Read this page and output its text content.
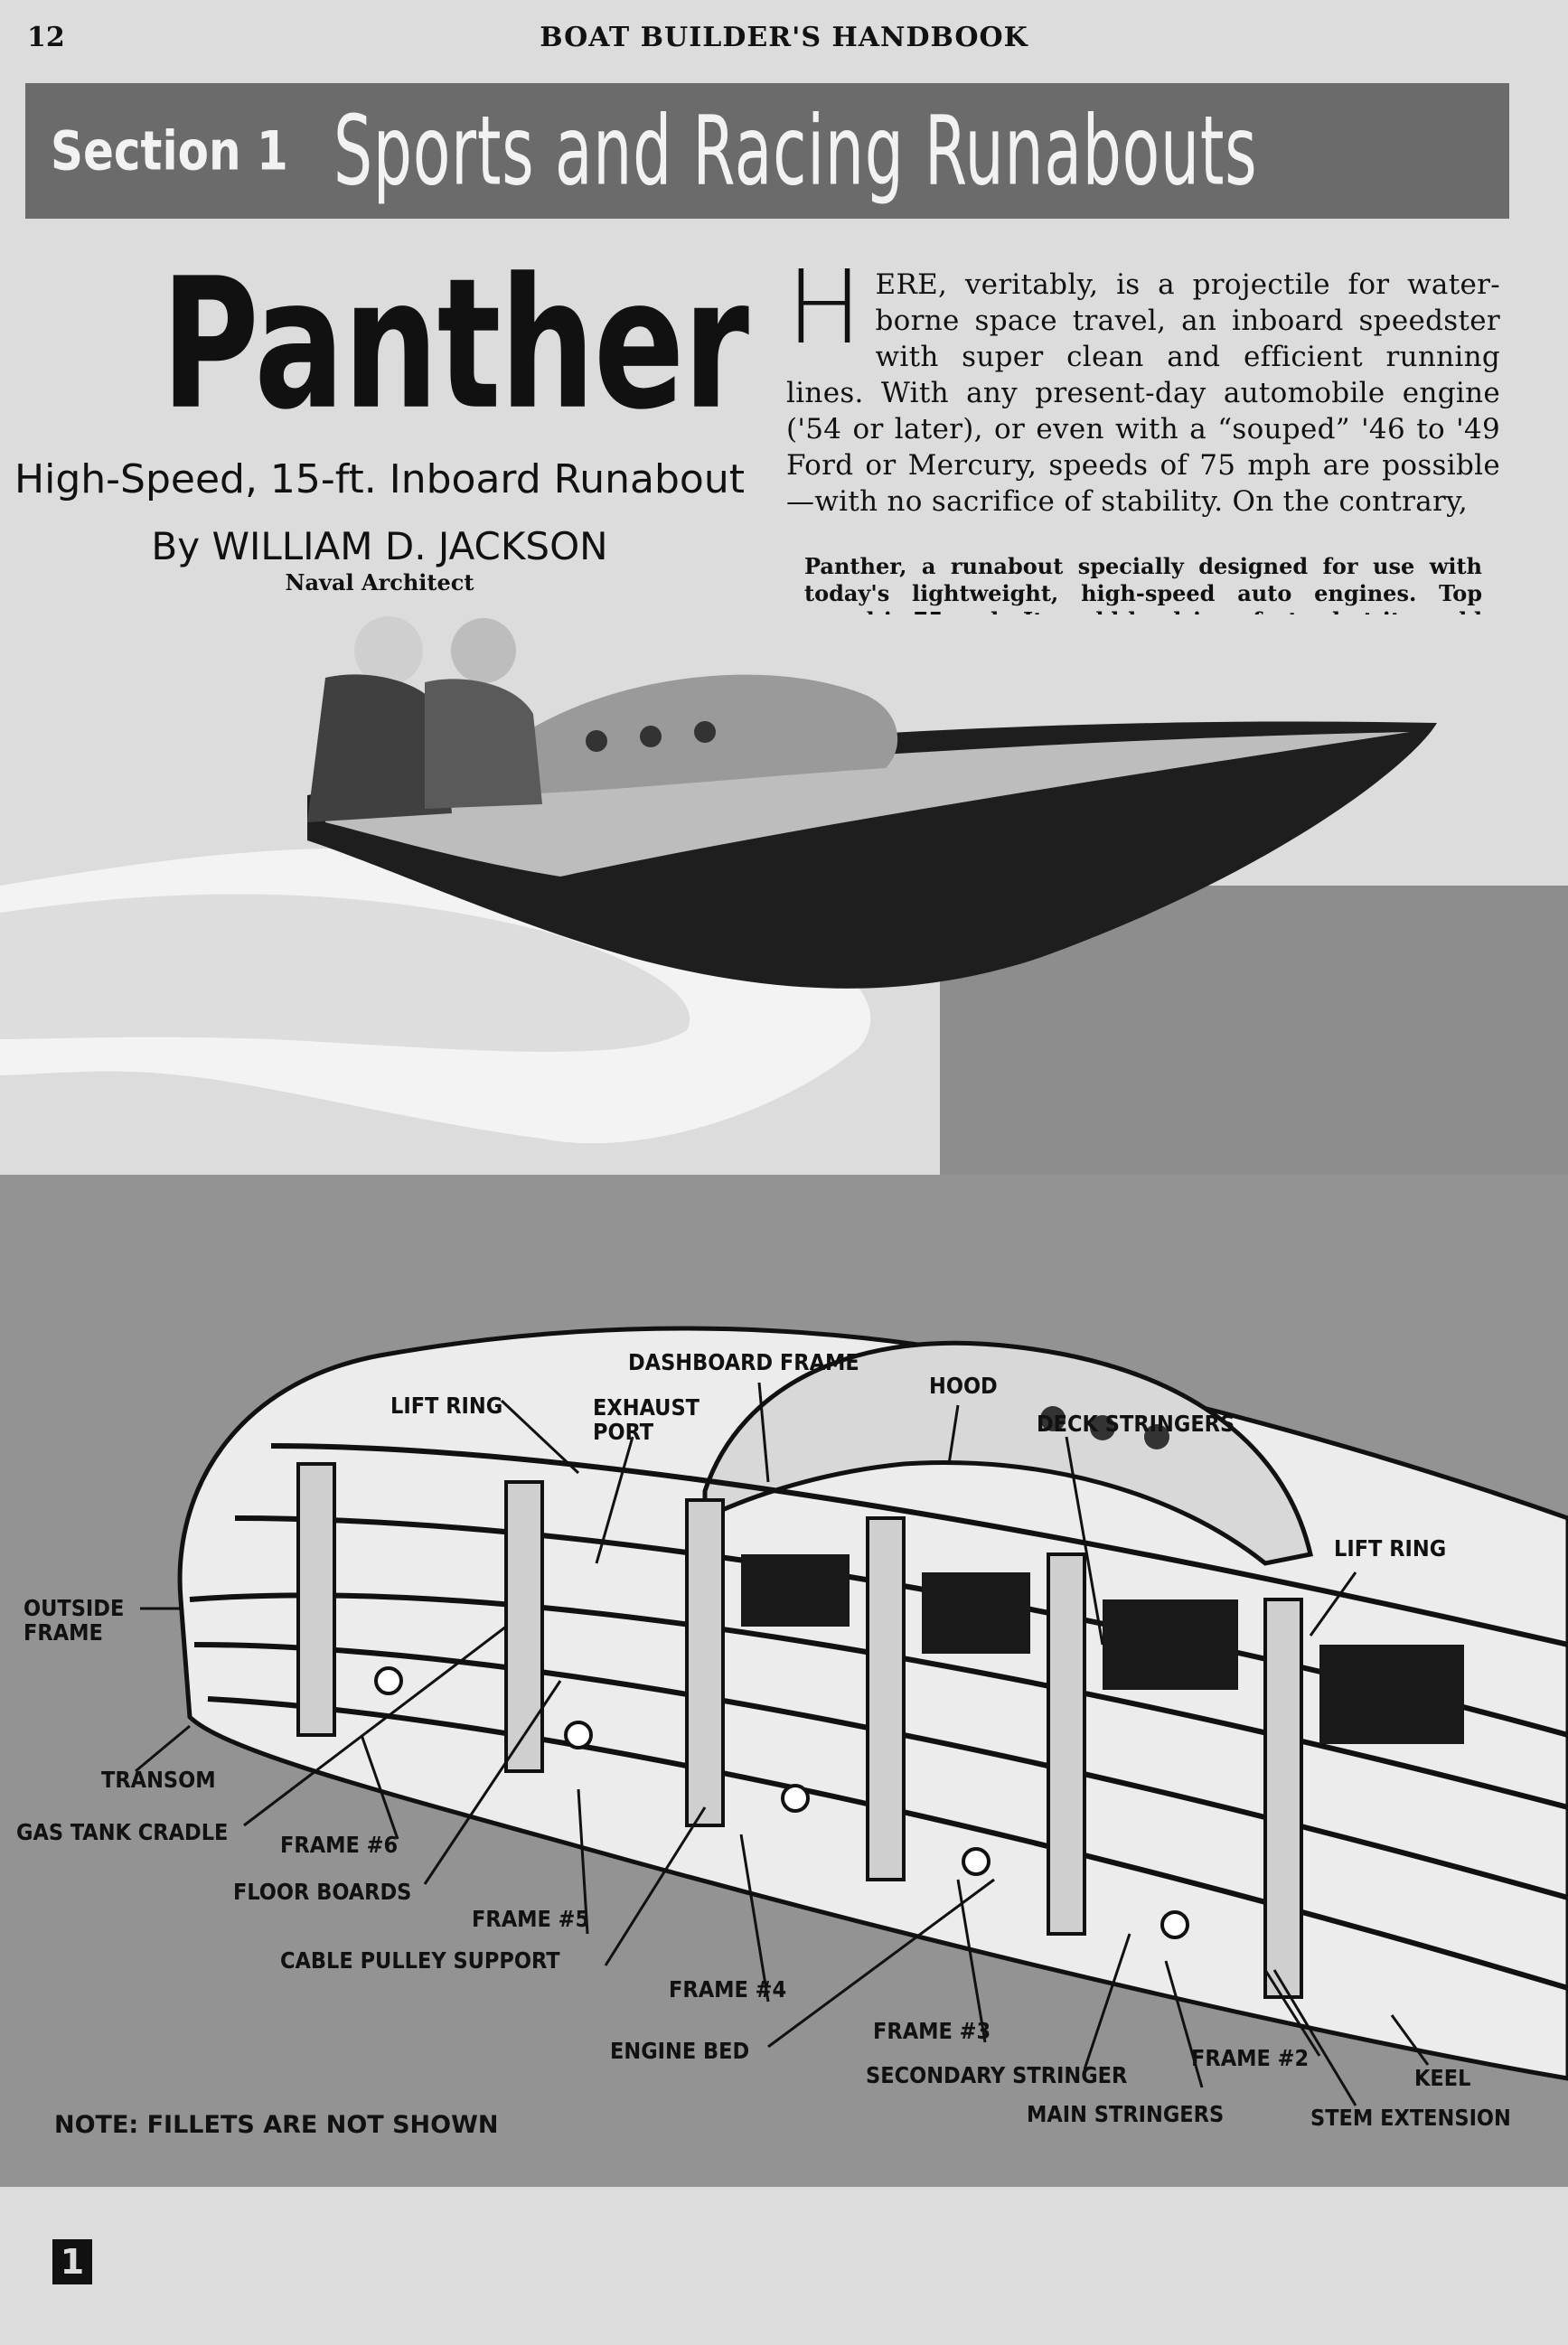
12	BOAT BUILDER'S HANDBOOK
Section 1 Sports and Racing Runabouts
Panther
High-Speed, 15-ft. Inboard Runabout
By WILLIAM D. JACKSON
Naval Architect
HERE, veritably, is a projectile for water-borne space travel, an inboard speedster with super clean and efficient running lines. With any present-day automobile engine ('54 or later), or even with a “souped” '46 to '49 Ford or Mercury, speeds of 75 mph are possible —with no sacrifice of stability. On the contrary,
Panther, a runabout specially designed for use with today's lightweight, high-speed auto engines. Top
DASHBOARD FRAME
HOOD
LIFT RING	EXHAUST
PORT	DECK STRINGERS
LIFT RING
OUTSIDE
FRAME
TRANSOM
GAS TANK CRADLE FRAME #6
FLOOR BOARDS
FRAME #5
CABLE PULLEY SUPPORT
FRAME #4
ENGINE BED
FRAME #3
SECONDARY STRINGER
FRAME #2
KEEL
MAIN STRINGERS	STEM EXTENSION
NOTE: FILLETS ARE NOT SHOWN
1
